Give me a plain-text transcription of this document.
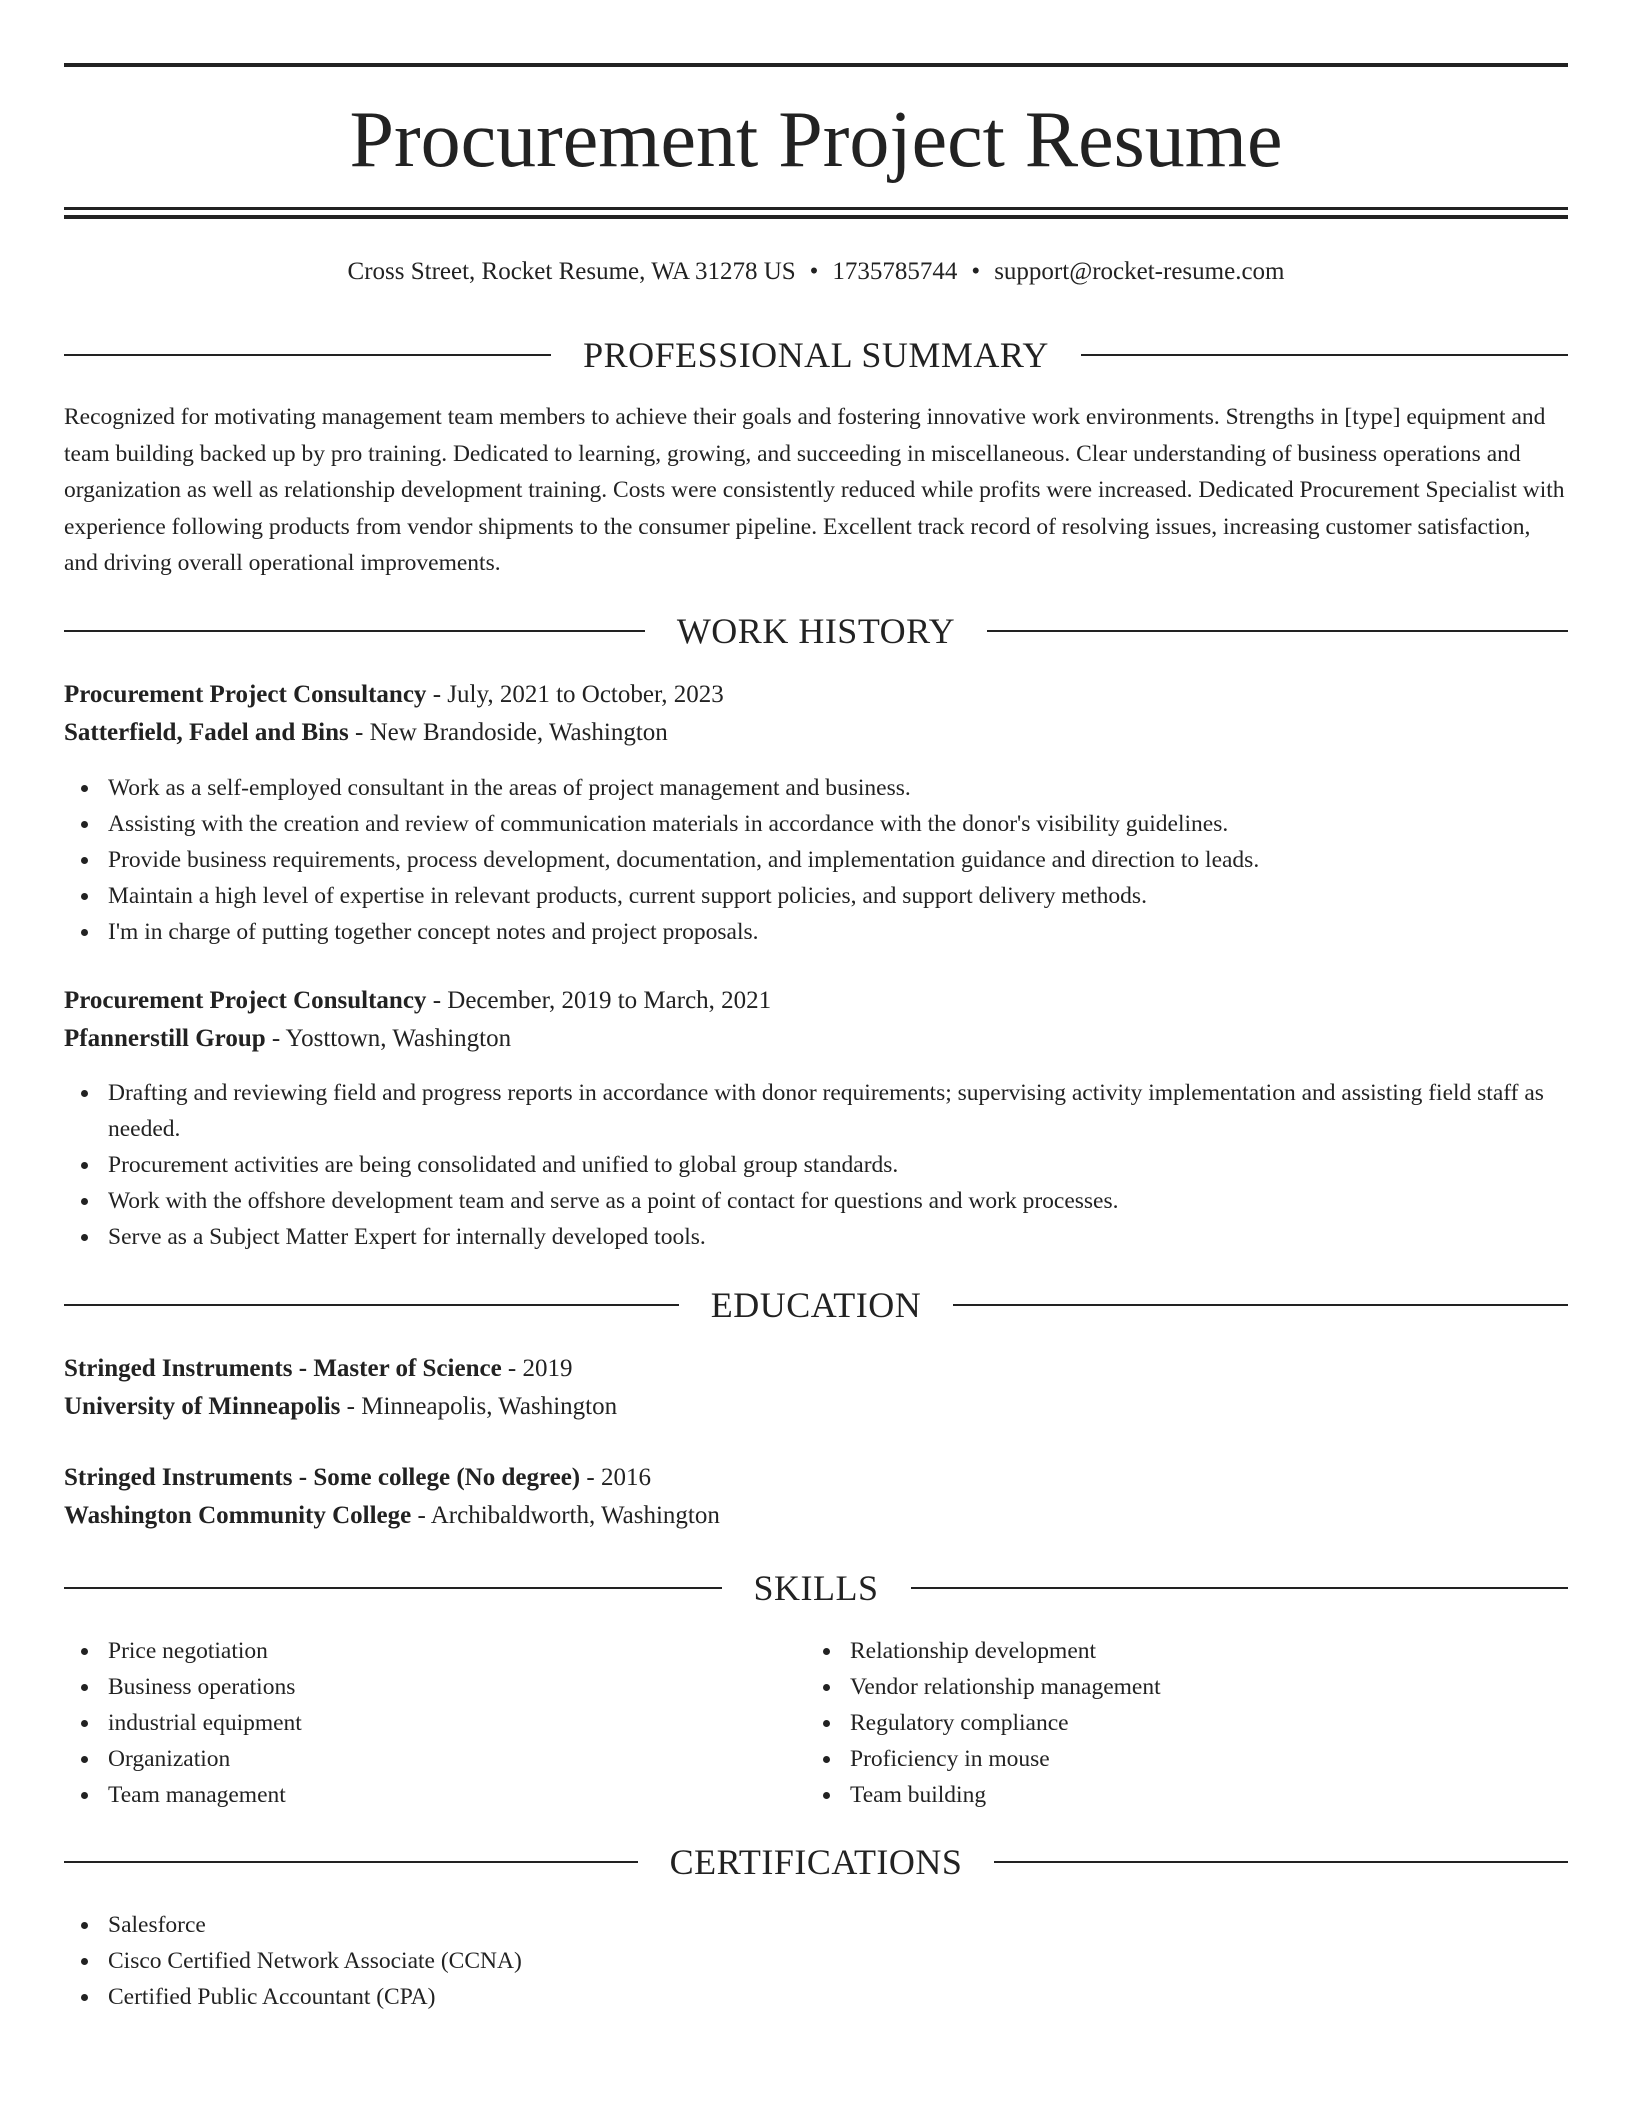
Procurement Project Resume
Cross Street, Rocket Resume, WA 31278 US • 1735785744 • support@rocket-resume.com
PROFESSIONAL SUMMARY

Recognized for motivating management team members to achieve their goals and fostering innovative work environments. Strengths in [type] equipment and team building backed up by pro training. Dedicated to learning, growing, and succeeding in miscellaneous. Clear understanding of business operations and organization as well as relationship development training. Costs were consistently reduced while profits were increased. Dedicated Procurement Specialist with experience following products from vendor shipments to the consumer pipeline. Excellent track record of resolving issues, increasing customer satisfaction, and driving overall operational improvements.

WORK HISTORY
Procurement Project Consultancy - July, 2021 to October, 2023
Satterfield, Fadel and Bins - New Brandoside, Washington
Work as a self-employed consultant in the areas of project management and business.
Assisting with the creation and review of communication materials in accordance with the donor's visibility guidelines.
Provide business requirements, process development, documentation, and implementation guidance and direction to leads.
Maintain a high level of expertise in relevant products, current support policies, and support delivery methods.
I'm in charge of putting together concept notes and project proposals.
Procurement Project Consultancy - December, 2019 to March, 2021
Pfannerstill Group - Yosttown, Washington
Drafting and reviewing field and progress reports in accordance with donor requirements; supervising activity implementation and assisting field staff as needed.
Procurement activities are being consolidated and unified to global group standards.
Work with the offshore development team and serve as a point of contact for questions and work processes.
Serve as a Subject Matter Expert for internally developed tools.
EDUCATION
Stringed Instruments - Master of Science - 2019
University of Minneapolis - Minneapolis, Washington
Stringed Instruments - Some college (No degree) - 2016
Washington Community College - Archibaldworth, Washington
SKILLS
Price negotiation
Business operations
industrial equipment
Organization
Team management
Relationship development
Vendor relationship management
Regulatory compliance
Proficiency in mouse
Team building
CERTIFICATIONS
Salesforce
Cisco Certified Network Associate (CCNA)
Certified Public Accountant (CPA)
